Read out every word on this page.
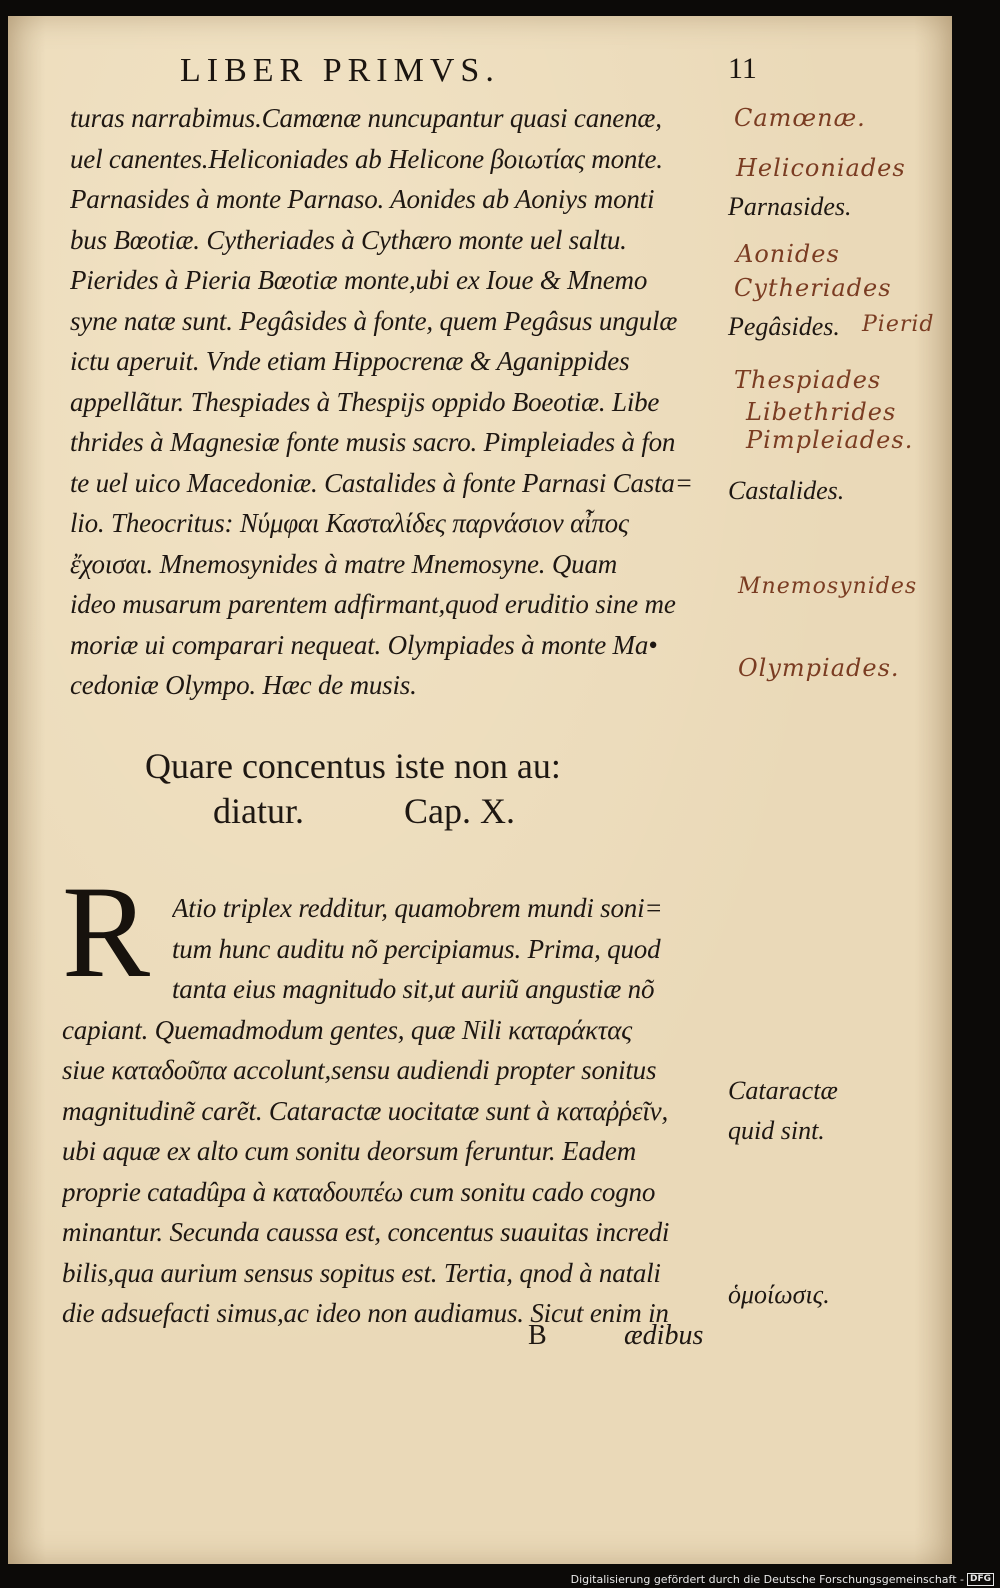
LIBER PRIMVS.	11
turas narrabimus.Camœnæ nuncupantur quasi canenæ,
uel canentes.Heliconiades ab Helicone βοιωτίας monte.
Parnasides à monte Parnaso. Aonides ab Aoniys monti
bus Bœotiæ. Cytheriades à Cythæro monte uel saltu.
Pierides à Pieria Bœotiæ monte,ubi ex Ioue & Mnemo
syne natæ sunt. Pegâsides à fonte, quem Pegâsus ungulæ
ictu aperuit. Vnde etiam Hippocrenæ & Aganippides
appellãtur. Thespiades à Thespijs oppido Boeotiæ. Libe
thrides à Magnesiæ fonte musis sacro. Pimpleiades à fon
te uel uico Macedoniæ. Castalides à fonte Parnasi Casta=
lio. Theocritus: Νύμφαι Κασταλίδες παρνάσιον αἶπος
ἔχοισαι. Mnemosynides à matre Mnemosyne. Quam
ideo musarum parentem adfirmant,quod eruditio sine me
moriæ ui comparari nequeat. Olympiades à monte Ma•
cedoniæ Olympo. Hæc de musis.
Quare concentus iste non au:
diatur.	Cap. X.
R Atio triplex redditur, quamobrem mundi soni=
tum hunc auditu nõ percipiamus. Prima, quod
tanta eius magnitudo sit,ut auriũ angustiæ nõ
capiant. Quemadmodum gentes, quæ Nili καταράκτας
siue καταδοῦπα accolunt,sensu audiendi propter sonitus
magnitudinẽ carẽt. Cataractæ uocitatæ sunt à καταῤῥεῖν,
ubi aquæ ex alto cum sonitu deorsum feruntur. Eadem
proprie catadûpa à καταδουπέω cum sonitu cado cogno
minantur. Secunda caussa est, concentus suauitas incredi
bilis,qua aurium sensus sopitus est. Tertia, qnod à natali
die adsuefacti simus,ac ideo non audiamus. Sicut enim in
B	ædibus
Parnasides.
Pegâsides.
Castalides.
Cataractæ
quid sint.
ὁμοίωσις.
Camœnæ.
Heliconiades
Aonides
Cytheriades
Pierid
Thespiades
Libethrides
Pimpleiades.
Mnemosynides
Olympiades.
Digitalisierung gefördert durch die Deutsche Forschungsgemeinschaft - DFG
